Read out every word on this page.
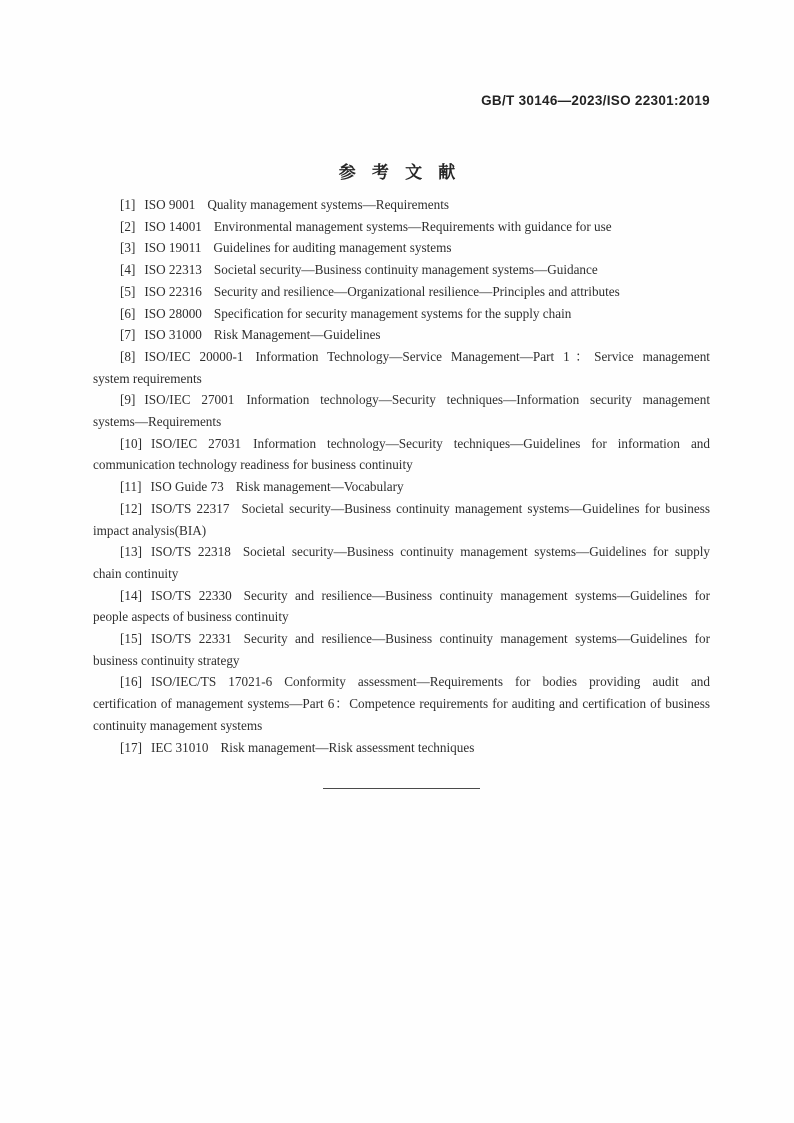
GB/T 30146—2023/ISO 22301:2019
参考文献

[1] ISO 9001 Quality management systems—Requirements

[2] ISO 14001 Environmental management systems—Requirements with guidance for use

[3] ISO 19011 Guidelines for auditing management systems

[4] ISO 22313 Societal security—Business continuity management systems—Guidance

[5] ISO 22316 Security and resilience—Organizational resilience—Principles and attributes

[6] ISO 28000 Specification for security management systems for the supply chain

[7] ISO 31000 Risk Management—Guidelines

[8] ISO/IEC 20000-1 Information Technology—Service Management—Part 1：Service management system requirements

[9] ISO/IEC 27001 Information technology—Security techniques—Information security management systems—Requirements

[10] ISO/IEC 27031 Information technology—Security techniques—Guidelines for information and communication technology readiness for business continuity

[11] ISO Guide 73 Risk management—Vocabulary

[12] ISO/TS 22317 Societal security—Business continuity management systems—Guidelines for business impact analysis(BIA)

[13] ISO/TS 22318 Societal security—Business continuity management systems—Guidelines for supply chain continuity

[14] ISO/TS 22330 Security and resilience—Business continuity management systems—Guidelines for people aspects of business continuity

[15] ISO/TS 22331 Security and resilience—Business continuity management systems—Guidelines for business continuity strategy

[16] ISO/IEC/TS 17021-6 Conformity assessment—Requirements for bodies providing audit and certification of management systems—Part 6：Competence requirements for auditing and certification of business continuity management systems

[17] IEC 31010 Risk management—Risk assessment techniques
